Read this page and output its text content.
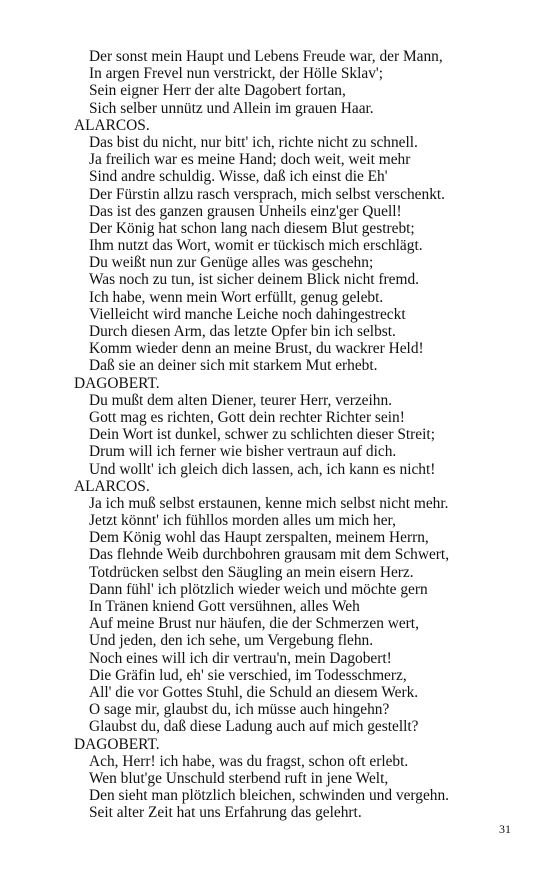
Der sonst mein Haupt und Lebens Freude war, der Mann,
In argen Frevel nun verstrickt, der Hölle Sklav';
Sein eigner Herr der alte Dagobert fortan,
Sich selber unnütz und Allein im grauen Haar.
ALARCOS.
Das bist du nicht, nur bitt' ich, richte nicht zu schnell.
Ja freilich war es meine Hand; doch weit, weit mehr
Sind andre schuldig. Wisse, daß ich einst die Eh'
Der Fürstin allzu rasch versprach, mich selbst verschenkt.
Das ist des ganzen grausen Unheils einz'ger Quell!
Der König hat schon lang nach diesem Blut gestrebt;
Ihm nutzt das Wort, womit er tückisch mich erschlägt.
Du weißt nun zur Genüge alles was geschehn;
Was noch zu tun, ist sicher deinem Blick nicht fremd.
Ich habe, wenn mein Wort erfüllt, genug gelebt.
Vielleicht wird manche Leiche noch dahingestreckt
Durch diesen Arm, das letzte Opfer bin ich selbst.
Komm wieder denn an meine Brust, du wackrer Held!
Daß sie an deiner sich mit starkem Mut erhebt.
DAGOBERT.
Du mußt dem alten Diener, teurer Herr, verzeihn.
Gott mag es richten, Gott dein rechter Richter sein!
Dein Wort ist dunkel, schwer zu schlichten dieser Streit;
Drum will ich ferner wie bisher vertraun auf dich.
Und wollt' ich gleich dich lassen, ach, ich kann es nicht!
ALARCOS.
Ja ich muß selbst erstaunen, kenne mich selbst nicht mehr.
Jetzt könnt' ich fühllos morden alles um mich her,
Dem König wohl das Haupt zerspalten, meinem Herrn,
Das flehnde Weib durchbohren grausam mit dem Schwert,
Totdrücken selbst den Säugling an mein eisern Herz.
Dann fühl' ich plötzlich wieder weich und möchte gern
In Tränen kniend Gott versühnen, alles Weh
Auf meine Brust nur häufen, die der Schmerzen wert,
Und jeden, den ich sehe, um Vergebung flehn.
Noch eines will ich dir vertrau'n, mein Dagobert!
Die Gräfin lud, eh' sie verschied, im Todesschmerz,
All' die vor Gottes Stuhl, die Schuld an diesem Werk.
O sage mir, glaubst du, ich müsse auch hingehn?
Glaubst du, daß diese Ladung auch auf mich gestellt?
DAGOBERT.
Ach, Herr! ich habe, was du fragst, schon oft erlebt.
Wen blut'ge Unschuld sterbend ruft in jene Welt,
Den sieht man plötzlich bleichen, schwinden und vergehn.
Seit alter Zeit hat uns Erfahrung das gelehrt.
31
